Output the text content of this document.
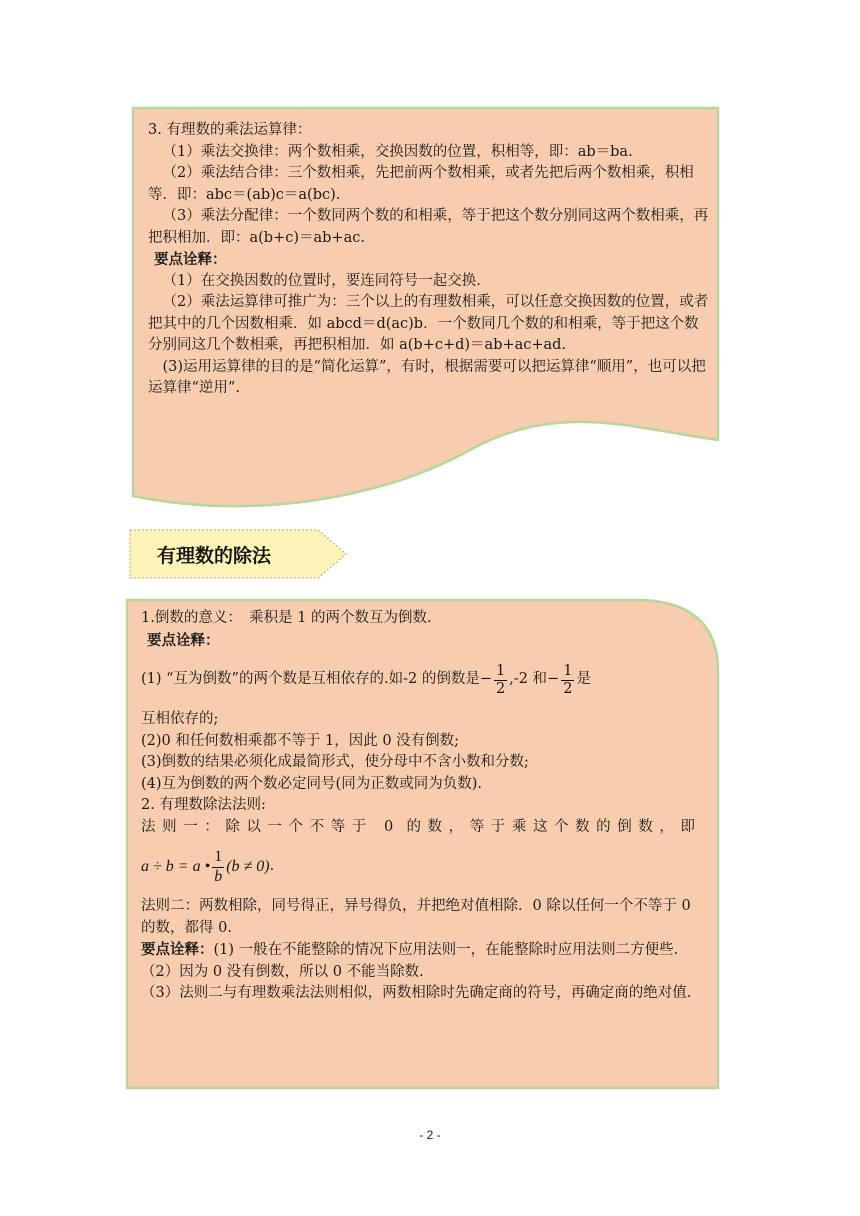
3. 有理数的乘法运算律：

（1）乘法交换律：两个数相乘，交换因数的位置，积相等，即：ab＝ba.

（2）乘法结合律：三个数相乘，先把前两个数相乘，或者先把后两个数相乘，积相等．即：abc＝(ab)c＝a(bc).

（3）乘法分配律：一个数同两个数的和相乘，等于把这个数分别同这两个数相乘，再把积相加．即：a(b+c)＝ab+ac.

要点诠释：

（1）在交换因数的位置时，要连同符号一起交换.

（2）乘法运算律可推广为：三个以上的有理数相乘，可以任意交换因数的位置，或者把其中的几个因数相乘．如 abcd＝d(ac)b．一个数同几个数的和相乘，等于把这个数分别同这几个数相乘，再把积相加．如 a(b+c+d)＝ab+ac+ad.

(3)运用运算律的目的是“简化运算”，有时，根据需要可以把运算律“顺用”，也可以把运算律“逆用”.

有理数的除法

1.倒数的意义：　乘积是 1 的两个数互为倒数.

要点诠释：

(1) “互为倒数”的两个数是互相依存的.如-2 的倒数是 − $\frac{1}{2} ,-2$ 和 − $\frac{1}{2}$ 是

互相依存的;

(2)0 和任何数相乘都不等于 1，因此 0 没有倒数;

(3)倒数的结果必须化成最简形式，使分母中不含小数和分数;

(4)互为倒数的两个数必定同号(同为正数或同为负数).

2. 有理数除法法则:

法则一：除以一个不等于 0 的数，等于乘这个数的倒数，即

a ÷ b = a • $\frac{1}{b} (b \ne 0)$ .

法则二：两数相除，同号得正，异号得负，并把绝对值相除．0 除以任何一个不等于 0 的数，都得 0.

要点诠释：(1) 一般在不能整除的情况下应用法则一，在能整除时应用法则二方便些.

（2）因为 0 没有倒数，所以 0 不能当除数.

（3）法则二与有理数乘法法则相似，两数相除时先确定商的符号，再确定商的绝对值.

- 2 -
